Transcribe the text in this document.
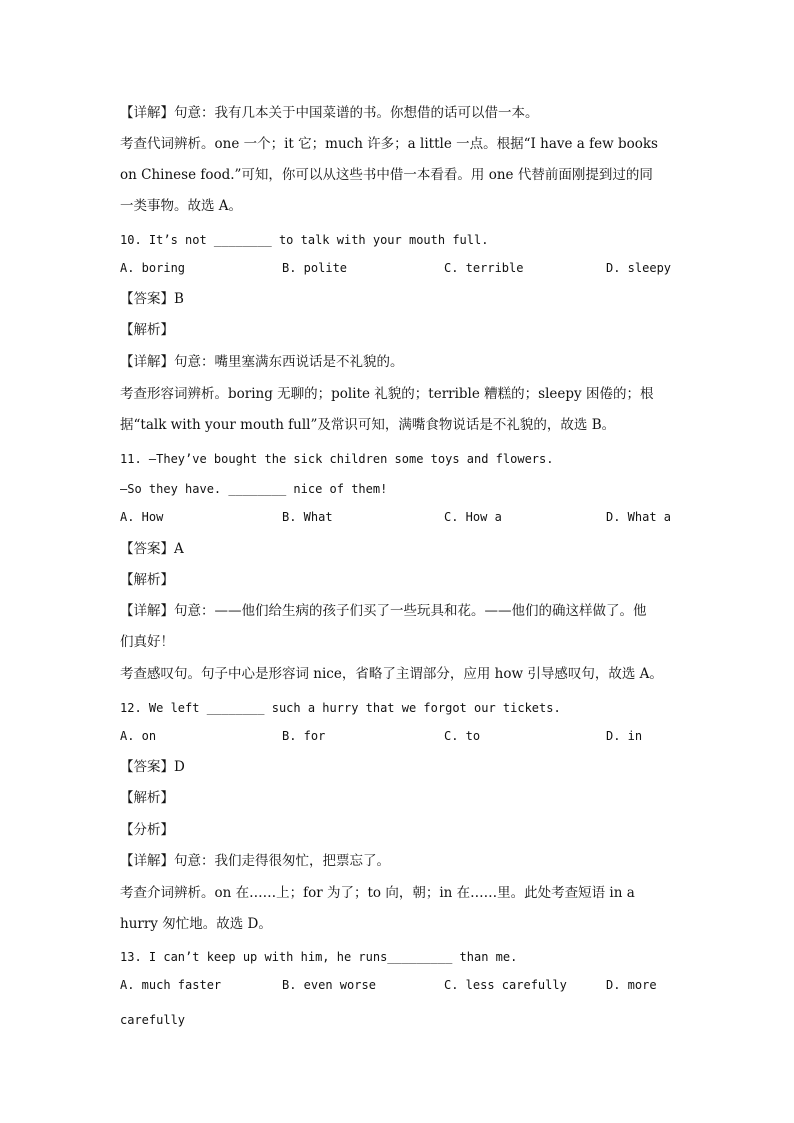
【详解】句意：我有几本关于中国菜谱的书。你想借的话可以借一本。
考查代词辨析。one 一个；it 它；much 许多；a little 一点。根据“I have a few books
on Chinese food.”可知，你可以从这些书中借一本看看。用 one 代替前面刚提到过的同
一类事物。故选 A。
10. It’s not ________ to talk with your mouth full.
A. boring	B. polite	C. terrible	D. sleepy
【答案】B
【解析】
【详解】句意：嘴里塞满东西说话是不礼貌的。
考查形容词辨析。boring 无聊的；polite 礼貌的；terrible 糟糕的；sleepy 困倦的；根
据“talk with your mouth full”及常识可知，满嘴食物说话是不礼貌的，故选 B。
11. —They’ve bought the sick children some toys and flowers.
—So they have. ________ nice of them!
A. How	B. What	C. How a	D. What a
【答案】A
【解析】
【详解】句意：——他们给生病的孩子们买了一些玩具和花。——他们的确这样做了。他
们真好！
考查感叹句。句子中心是形容词 nice，省略了主谓部分，应用 how 引导感叹句，故选 A。
12. We left ________ such a hurry that we forgot our tickets.
A. on	B. for	C. to	D. in
【答案】D
【解析】
【分析】
【详解】句意：我们走得很匆忙，把票忘了。
考查介词辨析。on 在……上；for 为了；to 向，朝；in 在……里。此处考查短语 in a
hurry 匆忙地。故选 D。
13. I can’t keep up with him, he runs_________ than me.
A. much faster	B. even worse	C. less carefully	D. more
carefully
